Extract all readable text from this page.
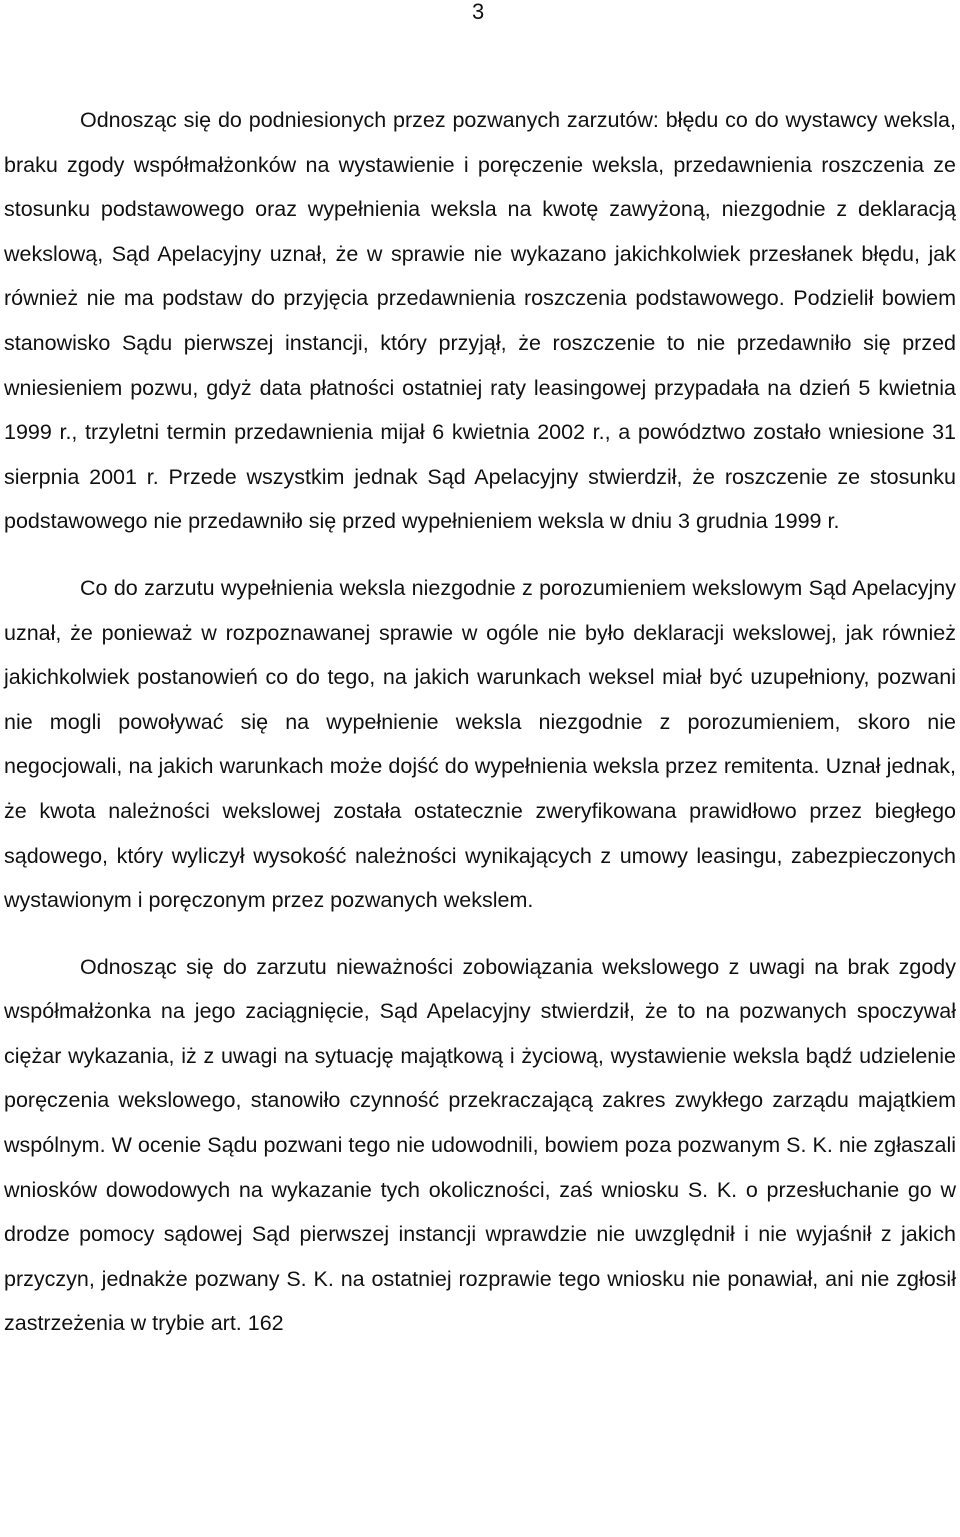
3

Odnosząc się do podniesionych przez pozwanych zarzutów: błędu co do wystawcy weksla, braku zgody współmałżonków na wystawienie i poręczenie weksla, przedawnienia roszczenia ze stosunku podstawowego oraz wypełnienia weksla na kwotę zawyżoną, niezgodnie z deklaracją wekslową, Sąd Apelacyjny uznał, że w sprawie nie wykazano jakichkolwiek przesłanek błędu, jak również nie ma podstaw do przyjęcia przedawnienia roszczenia podstawowego. Podzielił bowiem stanowisko Sądu pierwszej instancji, który przyjął, że roszczenie to nie przedawniło się przed wniesieniem pozwu, gdyż data płatności ostatniej raty leasingowej przypadała na dzień 5 kwietnia 1999 r., trzyletni termin przedawnienia mijał 6 kwietnia 2002 r., a powództwo zostało wniesione 31 sierpnia 2001 r. Przede wszystkim jednak Sąd Apelacyjny stwierdził, że roszczenie ze stosunku podstawowego nie przedawniło się przed wypełnieniem weksla w dniu 3 grudnia 1999 r.

Co do zarzutu wypełnienia weksla niezgodnie z porozumieniem wekslowym Sąd Apelacyjny uznał, że ponieważ w rozpoznawanej sprawie w ogóle nie było deklaracji wekslowej, jak również jakichkolwiek postanowień co do tego, na jakich warunkach weksel miał być uzupełniony, pozwani nie mogli powoływać się na wypełnienie weksla niezgodnie z porozumieniem, skoro nie negocjowali, na jakich warunkach może dojść do wypełnienia weksla przez remitenta. Uznał jednak, że kwota należności wekslowej została ostatecznie zweryfikowana prawidłowo przez biegłego sądowego, który wyliczył wysokość należności wynikających z umowy leasingu, zabezpieczonych wystawionym i poręczonym przez pozwanych wekslem.

Odnosząc się do zarzutu nieważności zobowiązania wekslowego z uwagi na brak zgody współmałżonka na jego zaciągnięcie, Sąd Apelacyjny stwierdził, że to na pozwanych spoczywał ciężar wykazania, iż z uwagi na sytuację majątkową i życiową, wystawienie weksla bądź udzielenie poręczenia wekslowego, stanowiło czynność przekraczającą zakres zwykłego zarządu majątkiem wspólnym. W ocenie Sądu pozwani tego nie udowodnili, bowiem poza pozwanym S. K. nie zgłaszali wniosków dowodowych na wykazanie tych okoliczności, zaś wniosku S. K. o przesłuchanie go w drodze pomocy sądowej Sąd pierwszej instancji wprawdzie nie uwzględnił i nie wyjaśnił z jakich przyczyn, jednakże pozwany S. K. na ostatniej rozprawie tego wniosku nie ponawiał, ani nie zgłosił zastrzeżenia w trybie art. 162
